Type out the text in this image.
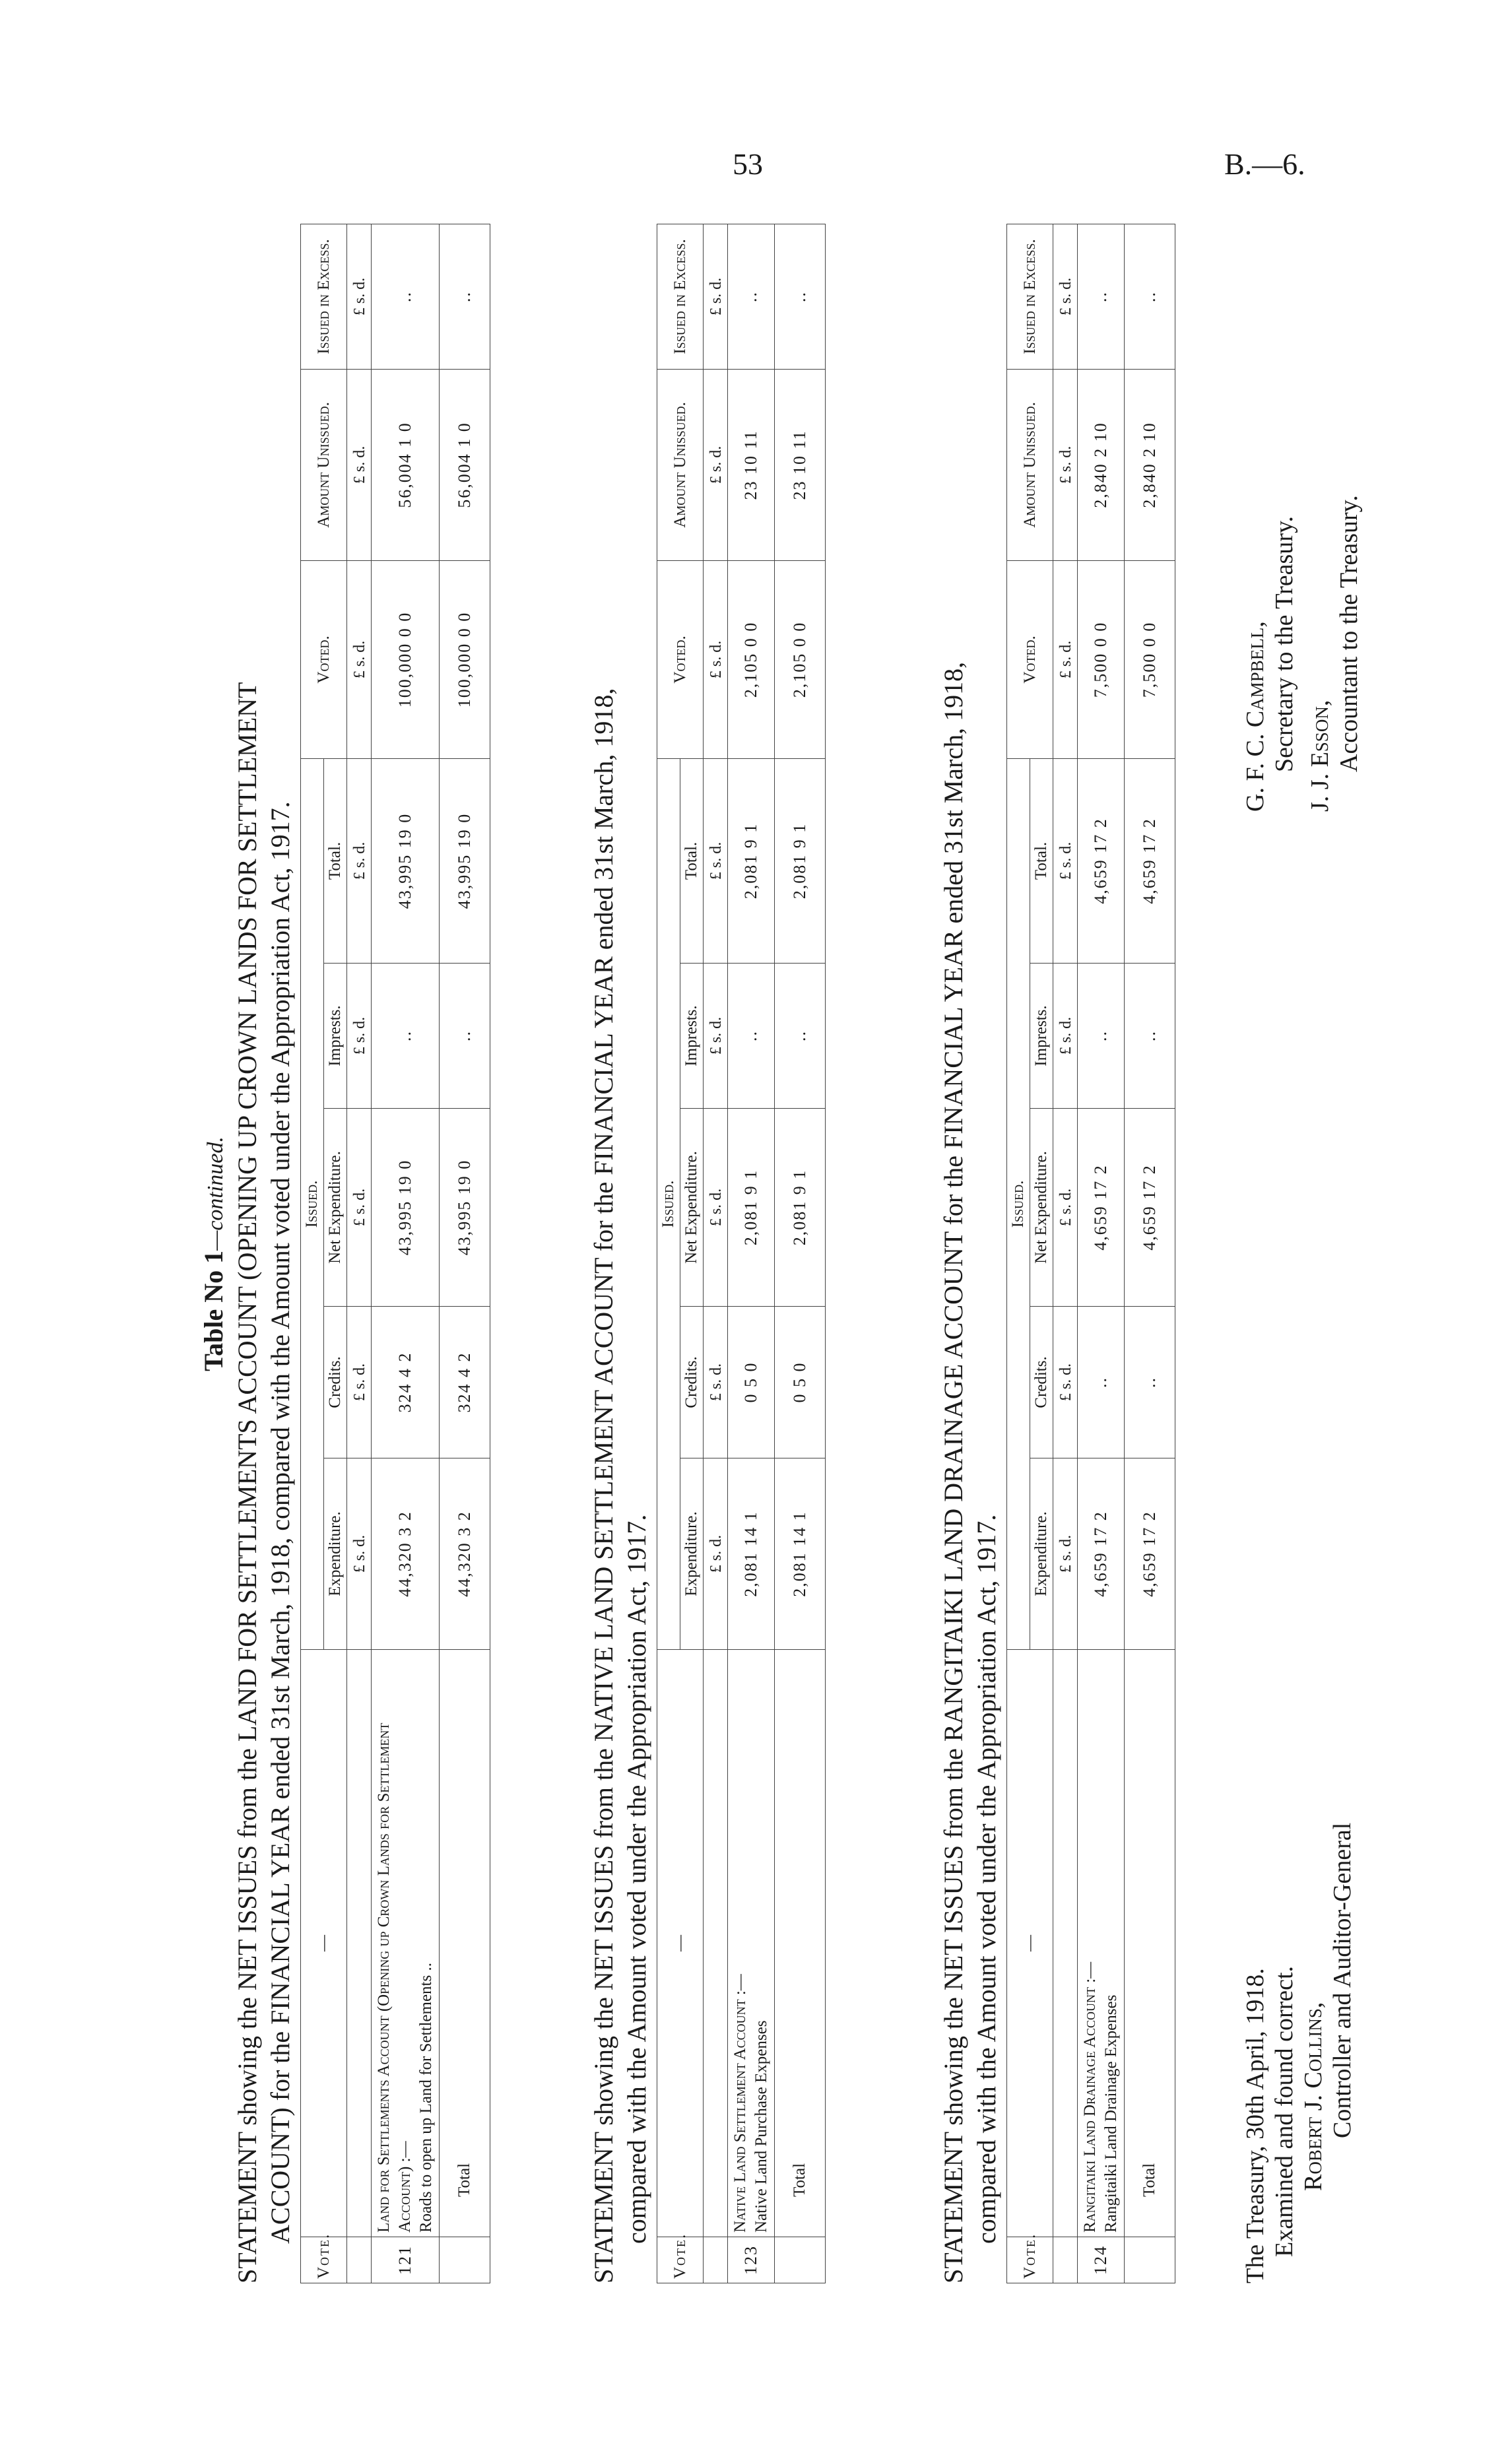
53	B.—6.
Table No 1—continued. STATEMENT showing the NET ISSUES from the LAND FOR SETTLEMENTS ACCOUNT (OPENING UP CROWN LANDS FOR SETTLEMENT ACCOUNT) for the FINANCIAL YEAR ended 31st March, 1918, compared with the Amount voted under the Appropriation Act, 1917.
Vote.	—	Issued.					Voted.	Amount Unissued.	Issued in Excess.
		Expenditure.	Credits.	Net Expenditure.	Imprests.	Total.			
		£ s. d.	£ s. d.	£ s. d.	£ s. d.	£ s. d.	£ s. d.	£ s. d.	£ s. d.
121	Land for Settlements Account (Opening up Crown Lands for Settlement Account) :— Roads to open up Land for Settlements ..	44,320 3 2	324 4 2	43,995 19 0	..	43,995 19 0	100,000 0 0	56,004 1 0	..
	Total	44,320 3 2	324 4 2	43,995 19 0	..	43,995 19 0	100,000 0 0	56,004 1 0	..
STATEMENT showing the NET ISSUES from the NATIVE LAND SETTLEMENT ACCOUNT for the FINANCIAL YEAR ended 31st March, 1918, compared with the Amount voted under the Appropriation Act, 1917.
Vote.	—	Issued.					Voted.	Amount Unissued.	Issued in Excess.
		Expenditure.	Credits.	Net Expenditure.	Imprests.	Total.			
		£ s. d.	£ s. d.	£ s. d.	£ s. d.	£ s. d.	£ s. d.	£ s. d.	£ s. d.
123	Native Land Settlement Account :— Native Land Purchase Expenses	2,081 14 1	0 5 0	2,081 9 1	..	2,081 9 1	2,105 0 0	23 10 11	..
	Total	2,081 14 1	0 5 0	2,081 9 1	..	2,081 9 1	2,105 0 0	23 10 11	..
STATEMENT showing the NET ISSUES from the RANGITAIKI LAND DRAINAGE ACCOUNT for the FINANCIAL YEAR ended 31st March, 1918, compared with the Amount voted under the Appropriation Act, 1917.
Vote.	—	Issued.					Voted.	Amount Unissued.	Issued in Excess.
		Expenditure.	Credits.	Net Expenditure.	Imprests.	Total.			
		£ s. d.	£ s. d.	£ s. d.	£ s. d.	£ s. d.	£ s. d.	£ s. d.	£ s. d.
124	Rangitaiki Land Drainage Account :— Rangitaiki Land Drainage Expenses	4,659 17 2	..	4,659 17 2	..	4,659 17 2	7,500 0 0	2,840 2 10	..
	Total	4,659 17 2	..	4,659 17 2	..	4,659 17 2	7,500 0 0	2,840 2 10	..
The Treasury, 30th April, 1918. Examined and found correct. Robert J. Collins, Controller and Auditor-General
G. F. C. Campbell, Secretary to the Treasury. J. J. Esson, Accountant to the Treasury.
